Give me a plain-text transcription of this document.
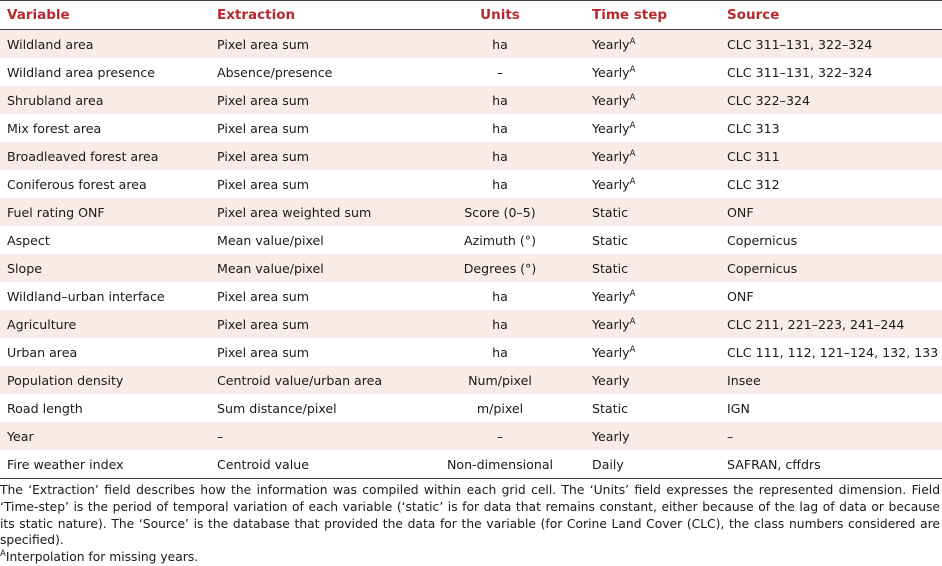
Variable	Extraction	Units	Time step	Source
Wildland area	Pixel area sum	ha	Yearly$^A$	CLC 311–131, 322–324
Wildland area presence	Absence/presence	–	Yearly$^A$	CLC 311–131, 322–324
Shrubland area	Pixel area sum	ha	Yearly$^A$	CLC 322–324
Mix forest area	Pixel area sum	ha	Yearly$^A$	CLC 313
Broadleaved forest area	Pixel area sum	ha	Yearly$^A$	CLC 311
Coniferous forest area	Pixel area sum	ha	Yearly$^A$	CLC 312
Fuel rating ONF	Pixel area weighted sum	Score (0–5)	Static	ONF
Aspect	Mean value/pixel	Azimuth (°)	Static	Copernicus
Slope	Mean value/pixel	Degrees (°)	Static	Copernicus
Wildland–urban interface	Pixel area sum	ha	Yearly$^A$	ONF
Agriculture	Pixel area sum	ha	Yearly$^A$	CLC 211, 221–223, 241–244
Urban area	Pixel area sum	ha	Yearly$^A$	CLC 111, 112, 121–124, 132, 133
Population density	Centroid value/urban area	Num/pixel	Yearly	Insee
Road length	Sum distance/pixel	m/pixel	Static	IGN
Year	–	–	Yearly	–
Fire weather index	Centroid value	Non-dimensional	Daily	SAFRAN, cffdrs

The ‘Extraction’ field describes how the information was compiled within each grid cell. The ‘Units’ field expresses the represented dimension. Field ‘Time-step’ is the period of temporal variation of each variable (‘static’ is for data that remains constant, either because of the lag of data or because its static nature). The ‘Source’ is the database that provided the data for the variable (for Corine Land Cover (CLC), the class numbers considered are specified).

$^A$Interpolation for missing years.
